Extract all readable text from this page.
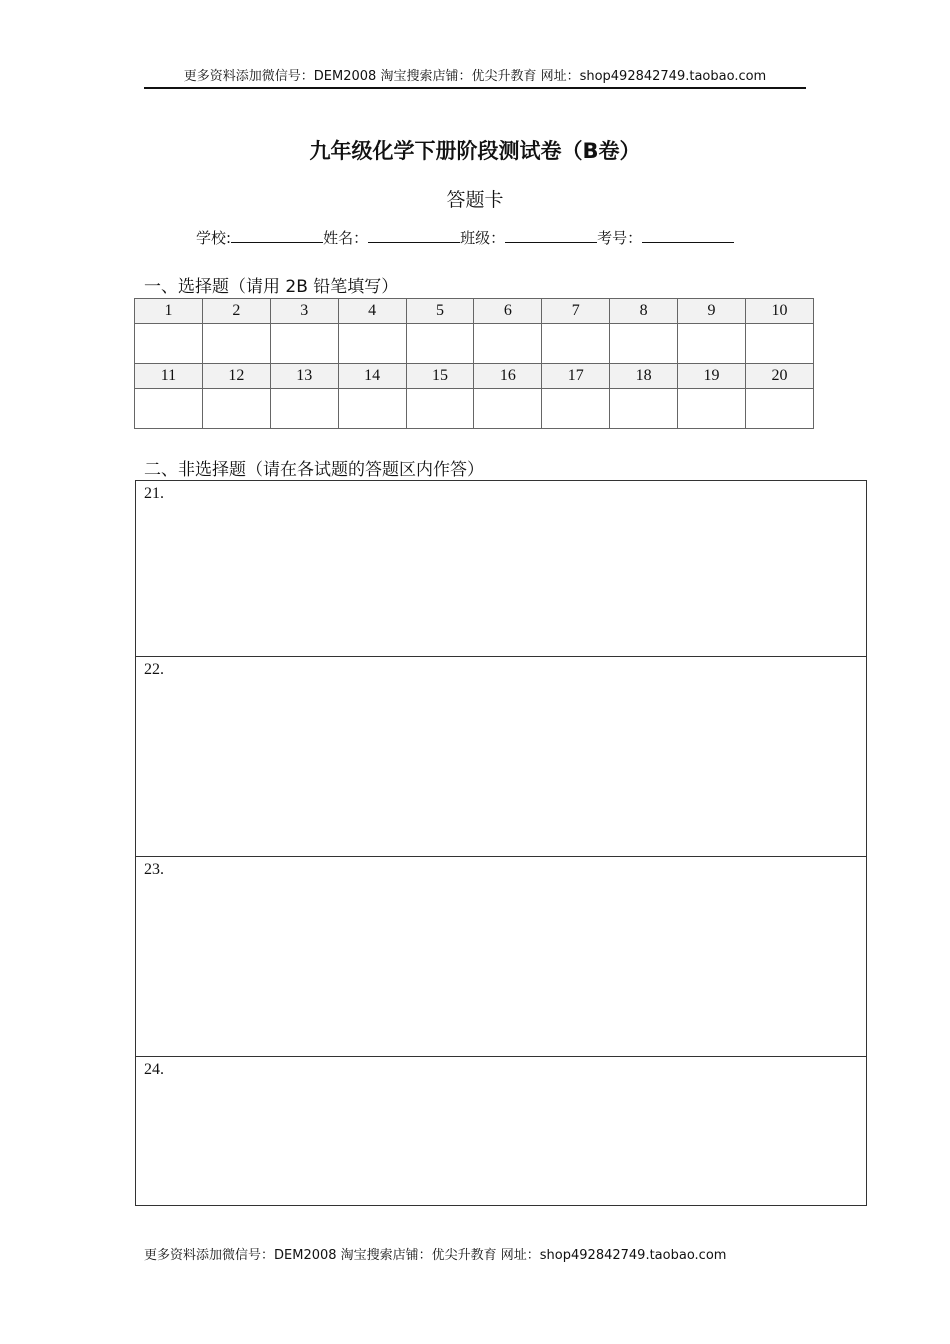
更多资料添加微信号：DEM2008 淘宝搜索店铺：优尖升教育 网址：shop492842749.taobao.com
九年级化学下册阶段测试卷（B卷）
答题卡
学校:	姓名：	班级：	考号：
一、选择题（请用 2B 铅笔填写）
1	2	3	4	5	6	7	8	9	10

11	12	13	14	15	16	17	18	19	20

二、非选择题（请在各试题的答题区内作答）
21.
22.
23.
24.
更多资料添加微信号：DEM2008 淘宝搜索店铺：优尖升教育 网址：shop492842749.taobao.com
